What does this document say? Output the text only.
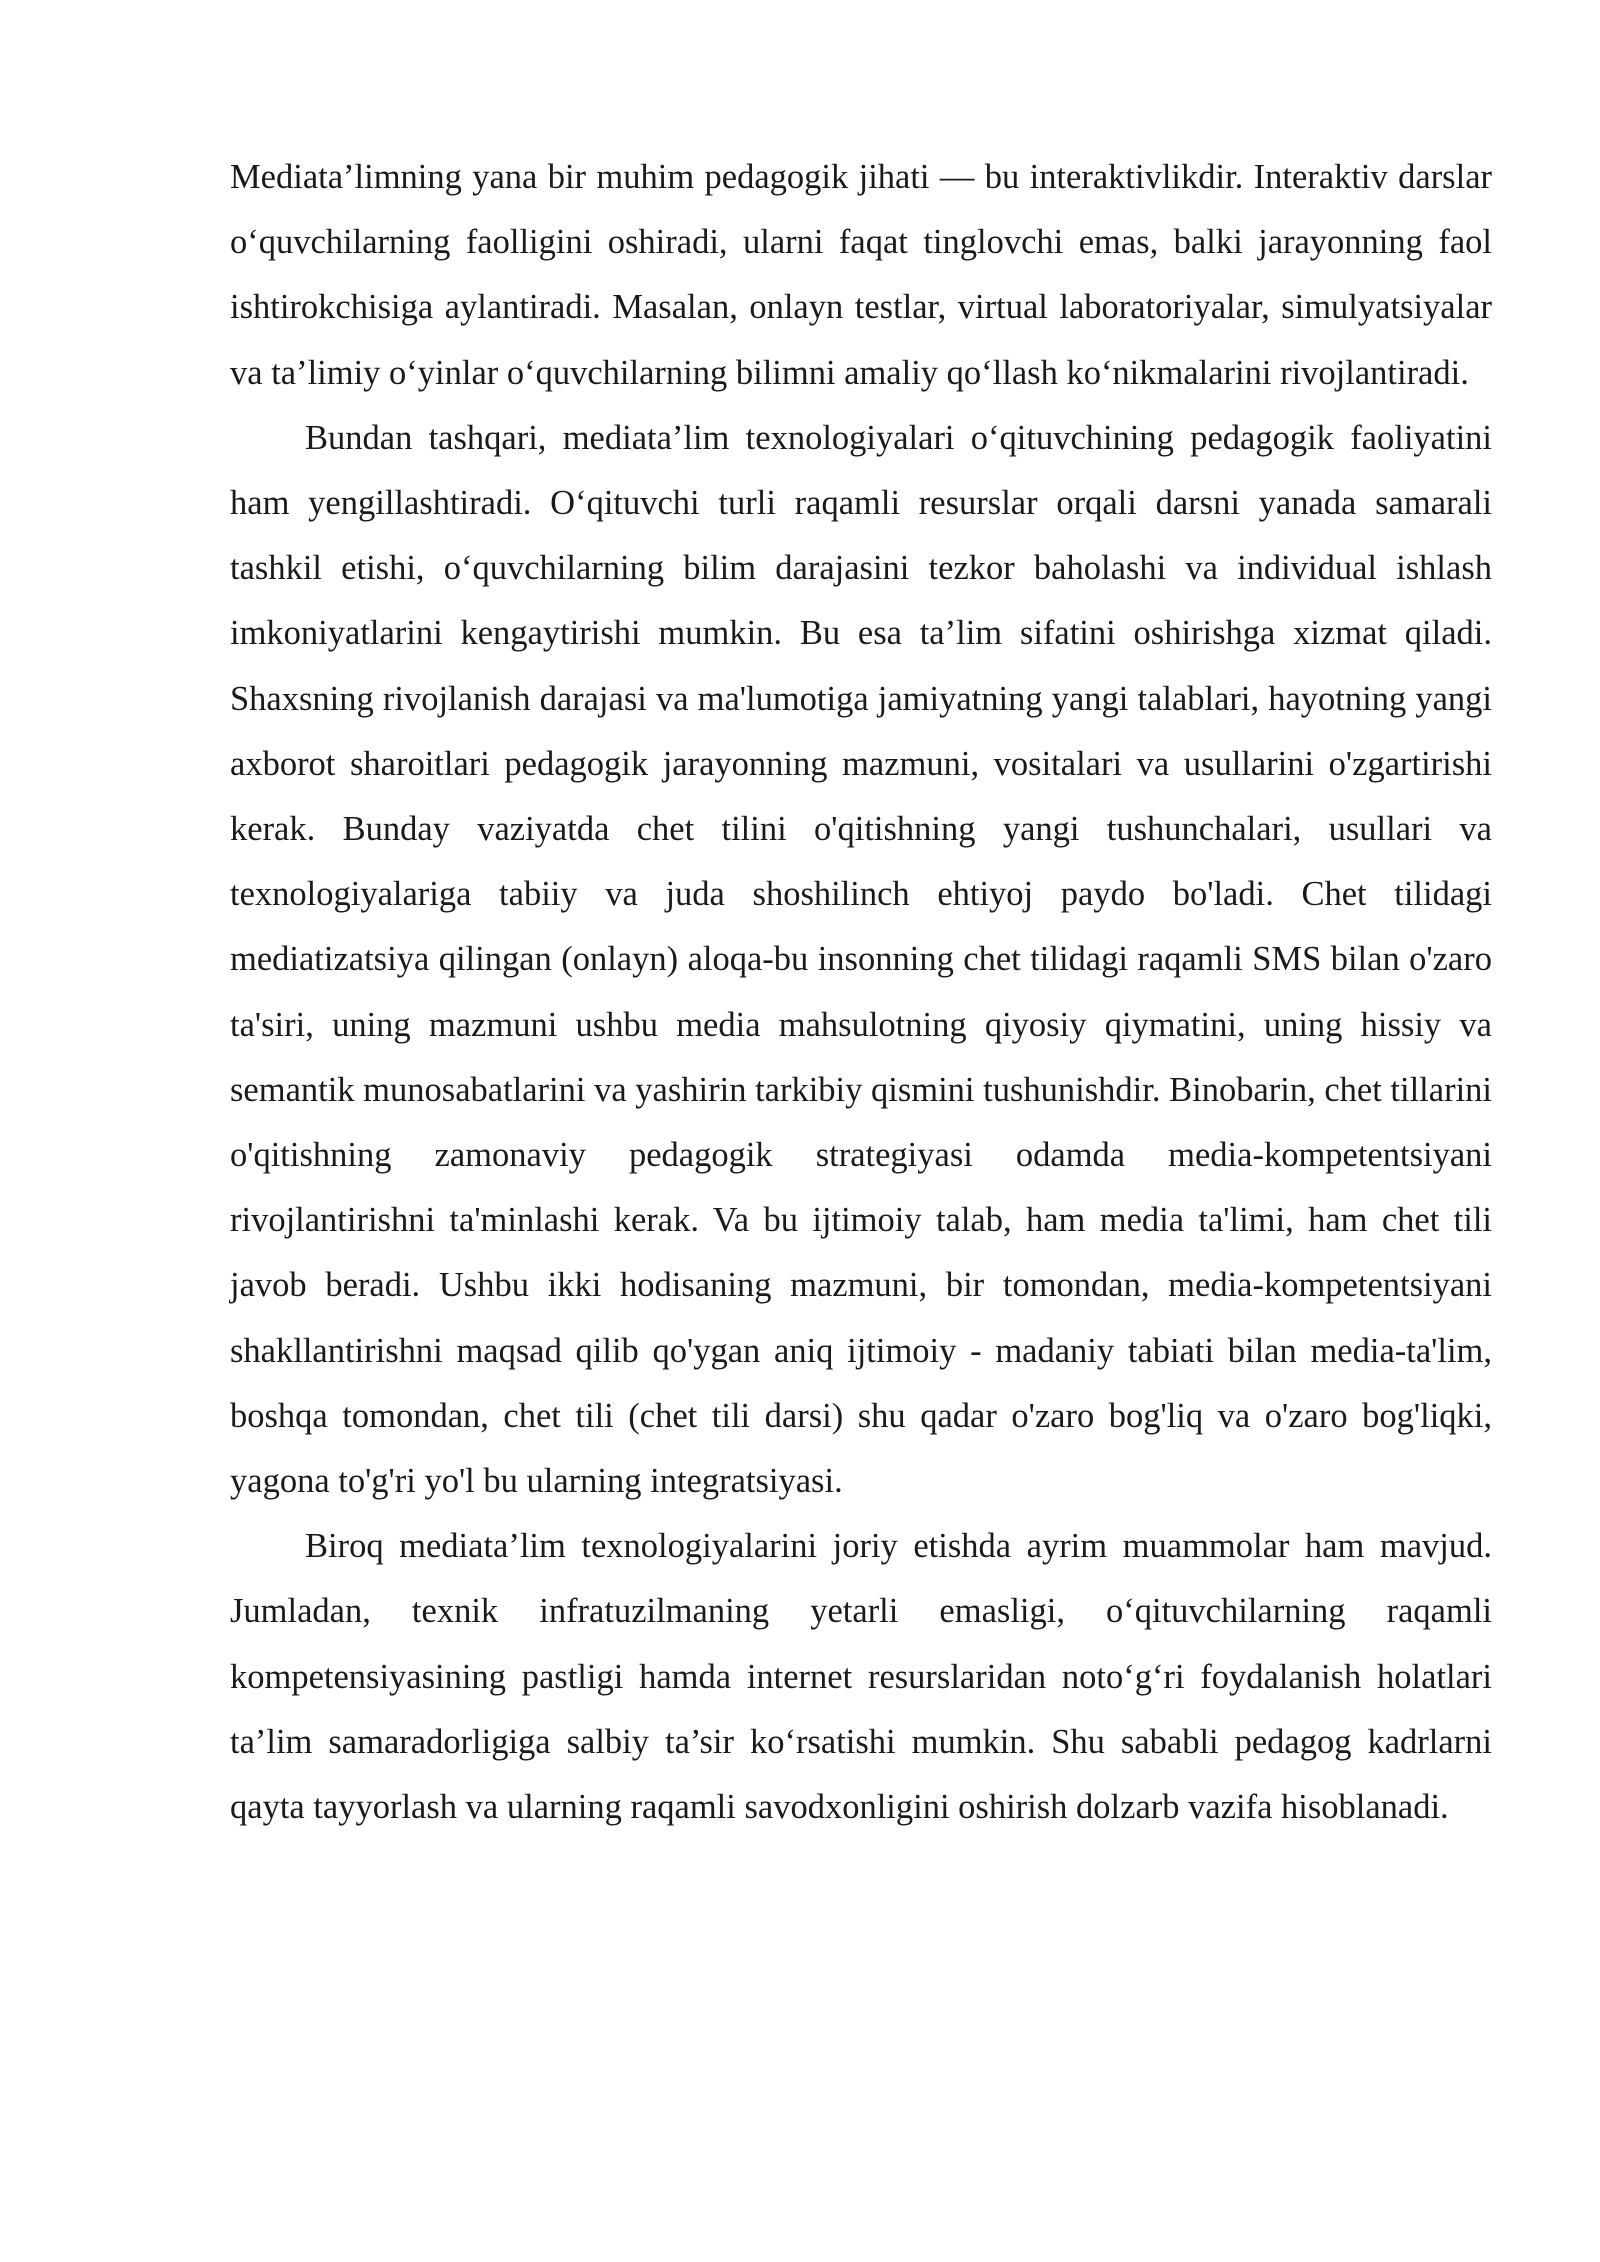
Mediata’limning yana bir muhim pedagogik jihati — bu interaktivlikdir. Interaktiv darslar o‘quvchilarning faolligini oshiradi, ularni faqat tinglovchi emas, balki jarayonning faol ishtirokchisiga aylantiradi. Masalan, onlayn testlar, virtual laboratoriyalar, simulyatsiyalar va ta’limiy o‘yinlar o‘quvchilarning bilimni amaliy qo‘llash ko‘nikmalarini rivojlantiradi.

Bundan tashqari, mediata’lim texnologiyalari o‘qituvchining pedagogik faoliyatini ham yengillashtiradi. O‘qituvchi turli raqamli resurslar orqali darsni yanada samarali tashkil etishi, o‘quvchilarning bilim darajasini tezkor baholashi va individual ishlash imkoniyatlarini kengaytirishi mumkin. Bu esa ta’lim sifatini oshirishga xizmat qiladi. Shaxsning rivojlanish darajasi va ma'lumotiga jamiyatning yangi talablari, hayotning yangi axborot sharoitlari pedagogik jarayonning mazmuni, vositalari va usullarini o'zgartirishi kerak. Bunday vaziyatda chet tilini o'qitishning yangi tushunchalari, usullari va texnologiyalariga tabiiy va juda shoshilinch ehtiyoj paydo bo'ladi. Chet tilidagi mediatizatsiya qilingan (onlayn) aloqa-bu insonning chet tilidagi raqamli SMS bilan o'zaro ta'siri, uning mazmuni ushbu media mahsulotning qiyosiy qiymatini, uning hissiy va semantik munosabatlarini va yashirin tarkibiy qismini tushunishdir. Binobarin, chet tillarini o'qitishning zamonaviy pedagogik strategiyasi odamda media-kompetentsiyani rivojlantirishni ta'minlashi kerak. Va bu ijtimoiy talab, ham media ta'limi, ham chet tili javob beradi. Ushbu ikki hodisaning mazmuni, bir tomondan, media-kompetentsiyani shakllantirishni maqsad qilib qo'ygan aniq ijtimoiy - madaniy tabiati bilan media-ta'lim, boshqa tomondan, chet tili (chet tili darsi) shu qadar o'zaro bog'liq va o'zaro bog'liqki, yagona to'g'ri yo'l bu ularning integratsiyasi.

Biroq mediata’lim texnologiyalarini joriy etishda ayrim muammolar ham mavjud. Jumladan, texnik infratuzilmaning yetarli emasligi, o‘qituvchilarning raqamli kompetensiyasining pastligi hamda internet resurslaridan noto‘g‘ri foydalanish holatlari ta’lim samaradorligiga salbiy ta’sir ko‘rsatishi mumkin. Shu sababli pedagog kadrlarni qayta tayyorlash va ularning raqamli savodxonligini oshirish dolzarb vazifa hisoblanadi.
